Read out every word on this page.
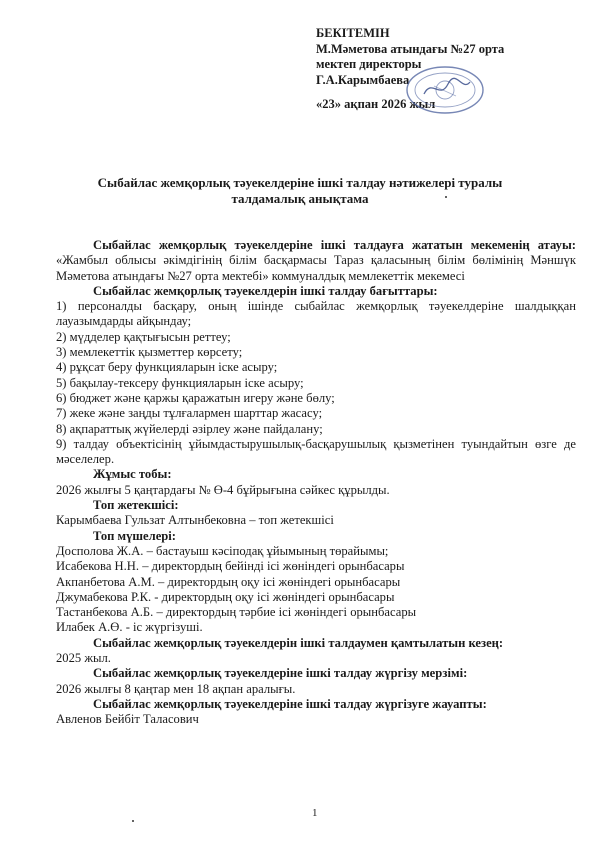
БЕКІТЕМІН
М.Мәметова атындағы №27 орта
мектеп директоры
Г.А.Карымбаева
«23» ақпан 2026 жыл
Сыбайлас жемқорлық тәуекелдеріне ішкі талдау нәтижелері туралы
талдамалық анықтама

Сыбайлас жемқорлық тәуекелдеріне ішкі талдауға жататын мекеменің атауы: «Жамбыл облысы әкімдігінің білім басқармасы Тараз қаласының білім бөлімінің Мәншүк Мәметова атындағы №27 орта мектебі» коммуналдық мемлекеттік мекемесі

Сыбайлас жемқорлық тәуекелдерін ішкі талдау бағыттары:

1) персоналды басқару, оның ішінде сыбайлас жемқорлық тәуекелдеріне шалдыққан лауазымдарды айқындау;

2) мүдделер қақтығысын реттеу;

3) мемлекеттік қызметтер көрсету;

4) рұқсат беру функцияларын іске асыру;

5) бақылау-тексеру функцияларын іске асыру;

6) бюджет және қаржы қаражатын игеру және бөлу;

7) жеке және заңды тұлғалармен шарттар жасасу;

8) ақпараттық жүйелерді әзірлеу және пайдалану;

9) талдау объектісінің ұйымдастырушылық-басқарушылық қызметінен туындайтын өзге де мәселелер.

Жұмыс тобы:

2026 жылғы 5 қаңтардағы № Ө-4 бұйрығына сәйкес құрылды.

Топ жетекшісі:

Карымбаева Гульзат Алтынбековна – топ жетекшісі

Топ мүшелері:

Досполова Ж.А. – бастауыш кәсіподақ ұйымының төрайымы;

Исабекова Н.Н. – директордың бейінді ісі жөніндегі орынбасары

Акпанбетова А.М. – директордың оқу ісі жөніндегі орынбасары

Джумабекова Р.К. - директордың оқу ісі жөніндегі орынбасары

Тастанбекова А.Б. – директордың тәрбие ісі жөніндегі орынбасары

Илабек А.Ө. - іс жүргізуші.

Сыбайлас жемқорлық тәуекелдерін ішкі талдаумен қамтылатын кезең:

2025 жыл.

Сыбайлас жемқорлық тәуекелдеріне ішкі талдау жүргізу мерзімі:

2026 жылғы 8 қаңтар мен 18 ақпан аралығы.

Сыбайлас жемқорлық тәуекелдеріне ішкі талдау жүргізуге жауапты:

Авленов Бейбіт Таласович

1
